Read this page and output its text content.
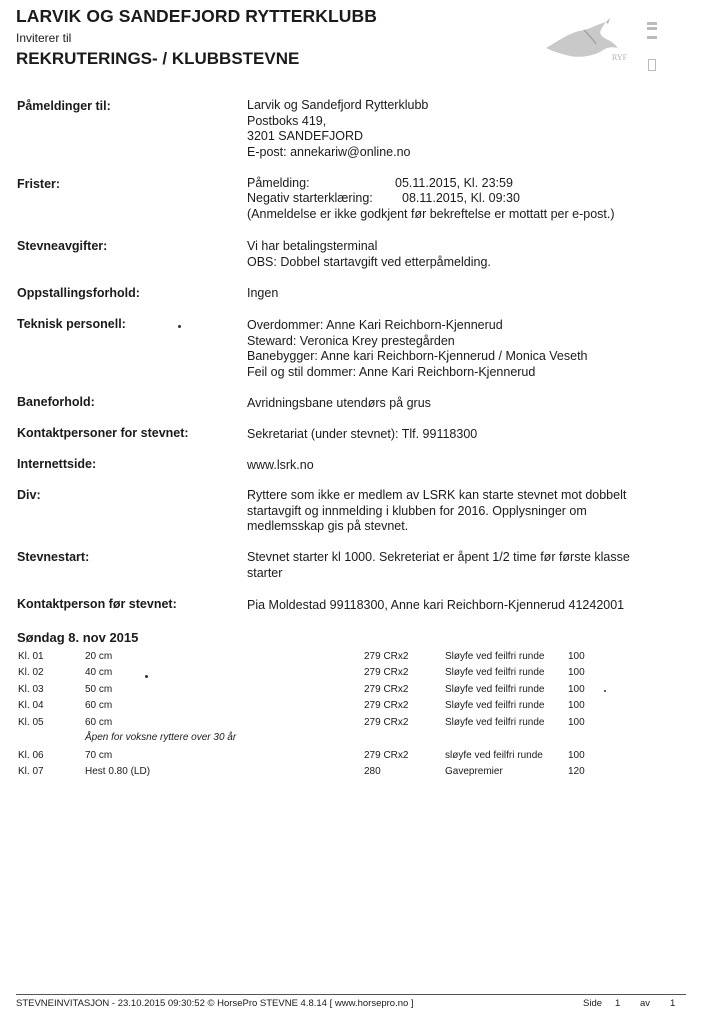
LARVIK OG SANDEFJORD RYTTERKLUBB
Inviterer til
REKRUTERINGS- / KLUBBSTEVNE	RYF
Påmeldinger til:	Larvik og Sandefjord Rytterklubb
Postboks 419,
3201 SANDEFJORD
E-post: annekariw@online.no
Frister:	Påmelding:	05.11.2015, Kl. 23:59
Negativ starterklæring: 08.11.2015, Kl. 09:30
(Anmeldelse er ikke godkjent før bekreftelse er mottatt per e-post.)
Stevneavgifter:	Vi har betalingsterminal
OBS: Dobbel startavgift ved etterpåmelding.
Oppstallingsforhold:	Ingen
Teknisk personell:	Overdommer: Anne Kari Reichborn-Kjennerud
Steward: Veronica Krey prestegården
Banebygger: Anne kari Reichborn-Kjennerud / Monica Veseth
Feil og stil dommer: Anne Kari Reichborn-Kjennerud
Baneforhold:	Avridningsbane utendørs på grus
Kontaktpersoner for stevnet:	Sekretariat (under stevnet): Tlf. 99118300
Internettside:	www.lsrk.no
Div:	Ryttere som ikke er medlem av LSRK kan starte stevnet mot dobbelt
startavgift og innmelding i klubben for 2016. Opplysninger om
medlemsskap gis på stevnet.
Stevnestart:	Stevnet starter kl 1000. Sekreteriat er åpent 1/2 time før første klasse
starter
Kontaktperson før stevnet:	Pia Moldestad 99118300, Anne kari Reichborn-Kjennerud 41242001
Søndag 8. nov 2015
Kl. 01	20 cm	279 CRx2	Sløyfe ved feilfri runde 100
Kl. 02	40 cm	279 CRx2	Sløyfe ved feilfri runde 100
Kl. 03	50 cm	279 CRx2	Sløyfe ved feilfri runde 100
Kl. 04	60 cm	279 CRx2	Sløyfe ved feilfri runde 100
Kl. 05	60 cm	279 CRx2	Sløyfe ved feilfri runde 100
Åpen for voksne ryttere over 30 år
Kl. 06	70 cm	279 CRx2	sløyfe ved feilfri runde	100
Kl. 07	Hest 0.80 (LD)	280	Gavepremier	120
STEVNEINVITASJON - 23.10.2015 09:30:52 © HorsePro STEVNE 4.8.14 [ www.horsepro.no ]	Side 1 av 1
